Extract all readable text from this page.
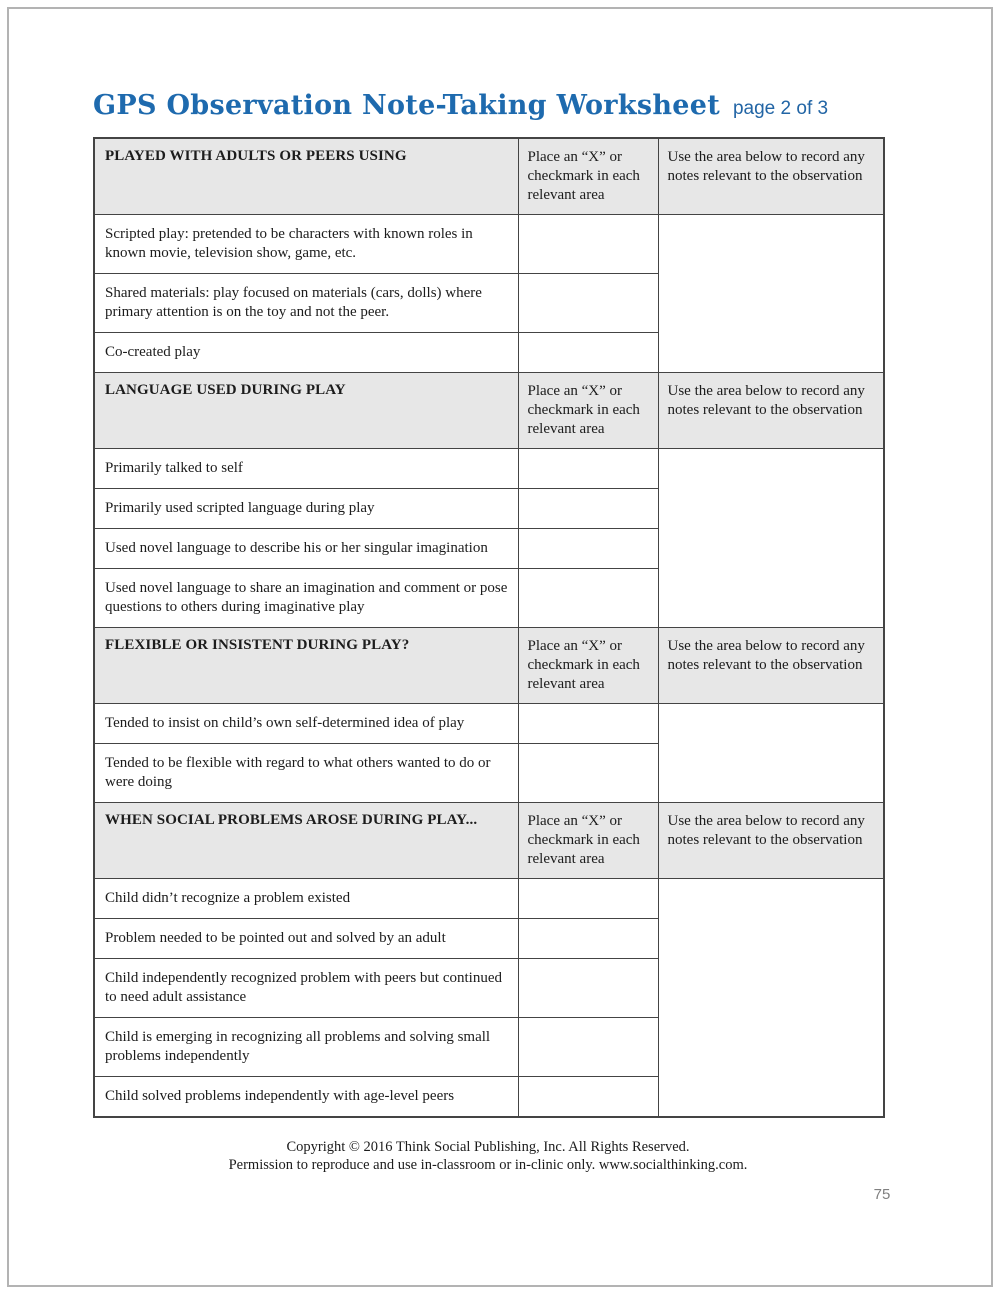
GPS Observation Note-Taking Worksheet page 2 of 3
PLAYED WITH ADULTS OR PEERS USING	Place an “X” or checkmark in each relevant area	Use the area below to record any notes relevant to the observation
Scripted play: pretended to be characters with known roles in known movie, television show, game, etc.		
Shared materials: play focused on materials (cars, dolls) where primary attention is on the toy and not the peer.		
Co-created play		
LANGUAGE USED DURING PLAY	Place an “X” or checkmark in each relevant area	Use the area below to record any notes relevant to the observation
Primarily talked to self		
Primarily used scripted language during play		
Used novel language to describe his or her singular imagination		
Used novel language to share an imagination and comment or pose questions to others during imaginative play		
FLEXIBLE OR INSISTENT DURING PLAY?	Place an “X” or checkmark in each relevant area	Use the area below to record any notes relevant to the observation
Tended to insist on child’s own self-determined idea of play		
Tended to be flexible with regard to what others wanted to do or were doing		
WHEN SOCIAL PROBLEMS AROSE DURING PLAY...	Place an “X” or checkmark in each relevant area	Use the area below to record any notes relevant to the observation
Child didn’t recognize a problem existed		
Problem needed to be pointed out and solved by an adult		
Child independently recognized problem with peers but continued to need adult assistance		
Child is emerging in recognizing all problems and solving small problems independently		
Child solved problems independently with age-level peers		
Copyright © 2016 Think Social Publishing, Inc. All Rights Reserved.
Permission to reproduce and use in-classroom or in-clinic only. www.socialthinking.com.
75
